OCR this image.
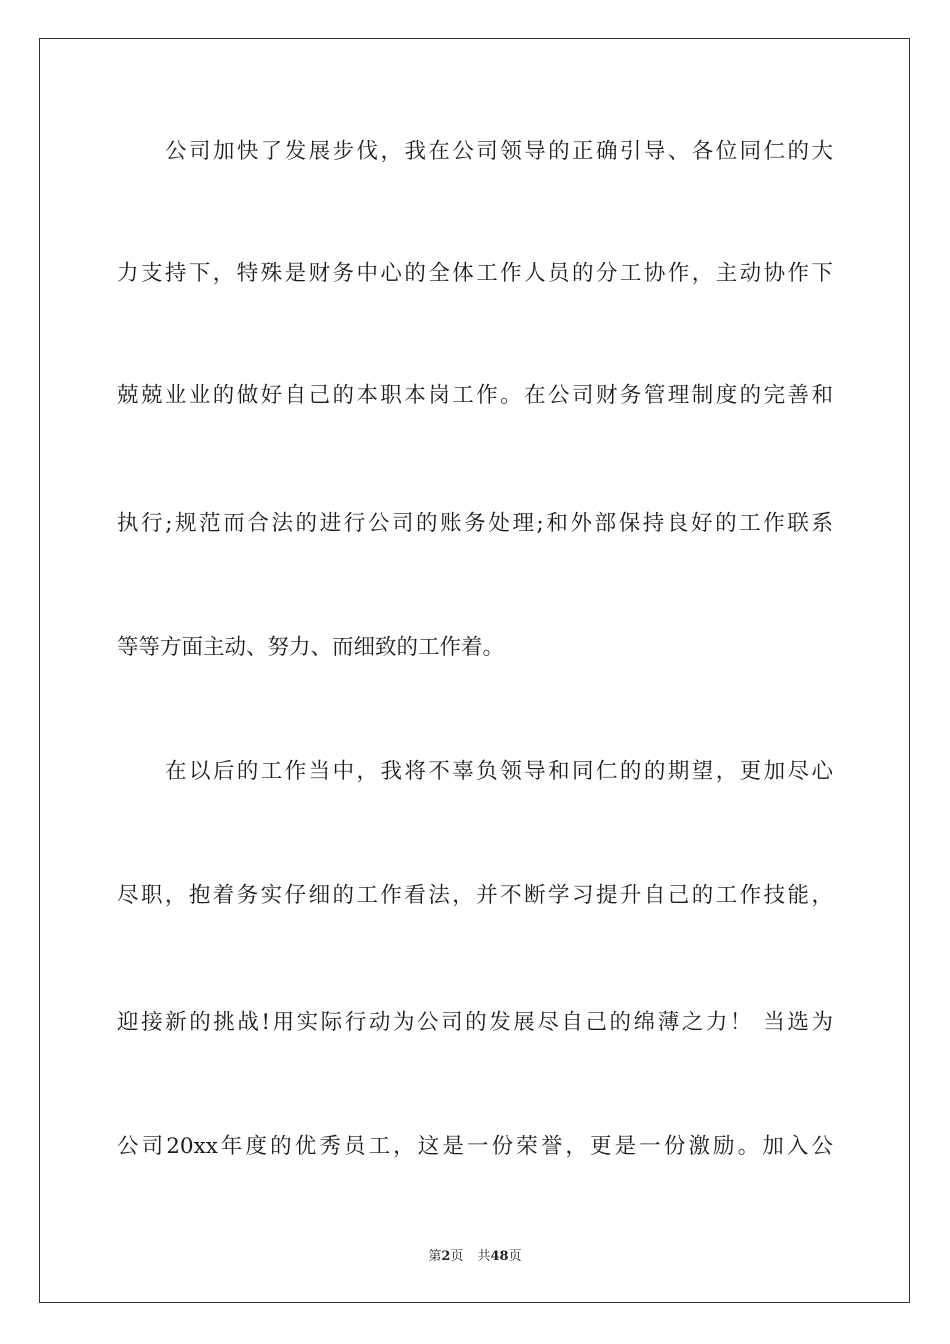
公司加快了发展步伐，我在公司领导的正确引导、各位同仁的大
力支持下，特殊是财务中心的全体工作人员的分工协作，主动协作下
兢兢业业的做好自己的本职本岗工作。在公司财务管理制度的完善和
执行;规范而合法的进行公司的账务处理;和外部保持良好的工作联系
等等方面主动、努力、而细致的工作着。
在以后的工作当中，我将不辜负领导和同仁的的期望，更加尽心
尽职，抱着务实仔细的工作看法，并不断学习提升自己的工作技能，
迎接新的挑战!用实际行动为公司的发展尽自己的绵薄之力！ 当选为
公司20xx年度的优秀员工，这是一份荣誉，更是一份激励。加入公
第2页 共48页
